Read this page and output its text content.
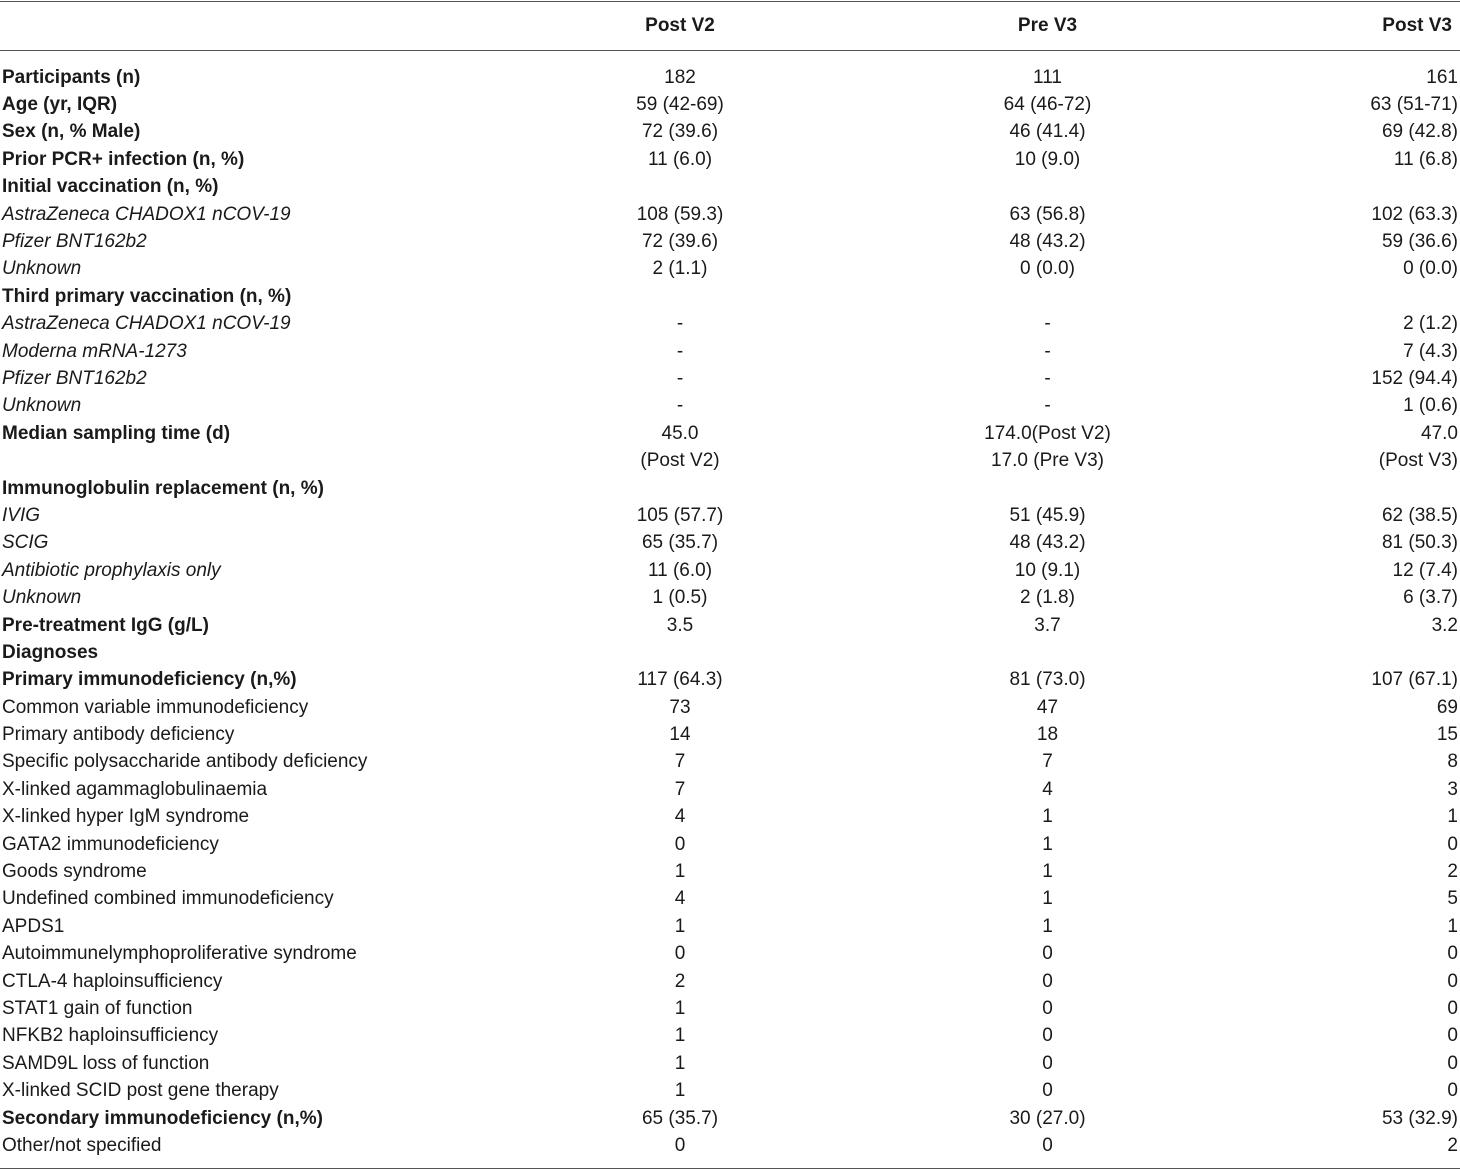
	Post V2	Pre V3	Post V3

Participants (n)	182	111	161
Age (yr, IQR)	59 (42-69)	64 (46-72)	63 (51-71)
Sex (n, % Male)	72 (39.6)	46 (41.4)	69 (42.8)
Prior PCR+ infection (n, %)	11 (6.0)	10 (9.0)	11 (6.8)
Initial vaccination (n, %)			
AstraZeneca CHADOX1 nCOV-19	108 (59.3)	63 (56.8)	102 (63.3)
Pfizer BNT162b2	72 (39.6)	48 (43.2)	59 (36.6)
Unknown	2 (1.1)	0 (0.0)	0 (0.0)
Third primary vaccination (n, %)			
AstraZeneca CHADOX1 nCOV-19	-	-	2 (1.2)
Moderna mRNA-1273	-	-	7 (4.3)
Pfizer BNT162b2	-	-	152 (94.4)
Unknown	-	-	1 (0.6)
Median sampling time (d)	45.0	174.0(Post V2)	47.0
	(Post V2)	17.0 (Pre V3)	(Post V3)
Immunoglobulin replacement (n, %)			
IVIG	105 (57.7)	51 (45.9)	62 (38.5)
SCIG	65 (35.7)	48 (43.2)	81 (50.3)
Antibiotic prophylaxis only	11 (6.0)	10 (9.1)	12 (7.4)
Unknown	1 (0.5)	2 (1.8)	6 (3.7)
Pre-treatment IgG (g/L)	3.5	3.7	3.2
Diagnoses			
Primary immunodeficiency (n,%)	117 (64.3)	81 (73.0)	107 (67.1)
Common variable immunodeficiency	73	47	69
Primary antibody deficiency	14	18	15
Specific polysaccharide antibody deficiency	7	7	8
X-linked agammaglobulinaemia	7	4	3
X-linked hyper IgM syndrome	4	1	1
GATA2 immunodeficiency	0	1	0
Goods syndrome	1	1	2
Undefined combined immunodeficiency	4	1	5
APDS1	1	1	1
Autoimmunelymphoproliferative syndrome	0	0	0
CTLA-4 haploinsufficiency	2	0	0
STAT1 gain of function	1	0	0
NFKB2 haploinsufficiency	1	0	0
SAMD9L loss of function	1	0	0
X-linked SCID post gene therapy	1	0	0
Secondary immunodeficiency (n,%)	65 (35.7)	30 (27.0)	53 (32.9)
Other/not specified	0	0	2
